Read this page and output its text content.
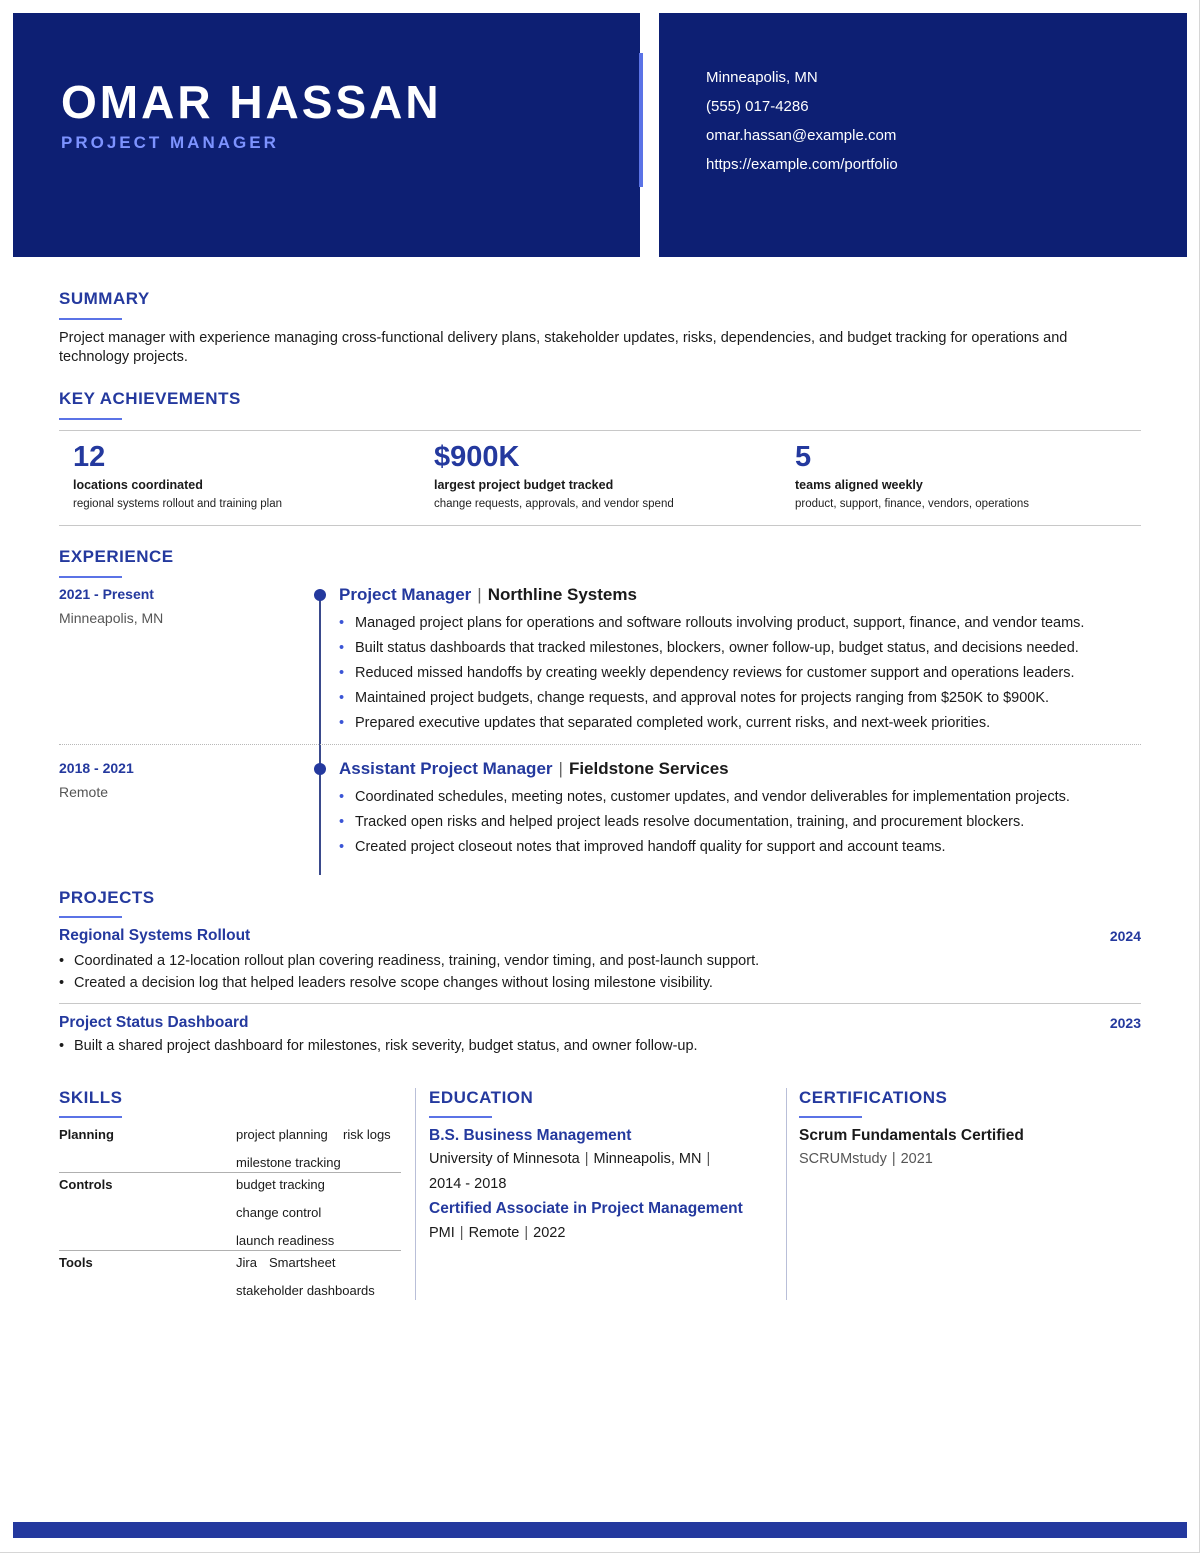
OMAR HASSAN
PROJECT MANAGER
Minneapolis, MN
(555) 017-4286
omar.hassan@example.com
https://example.com/portfolio
SUMMARY
Project manager with experience managing cross-functional delivery plans, stakeholder updates, risks, dependencies, and budget tracking for operations and technology projects.
KEY ACHIEVEMENTS
12
locations coordinated
regional systems rollout and training plan
$900K
largest project budget tracked
change requests, approvals, and vendor spend
5
teams aligned weekly
product, support, finance, vendors, operations
EXPERIENCE
2021 - Present
Minneapolis, MN
Project Manager | Northline Systems
• Managed project plans for operations and software rollouts involving product, support, finance, and vendor teams.
• Built status dashboards that tracked milestones, blockers, owner follow-up, budget status, and decisions needed.
• Reduced missed handoffs by creating weekly dependency reviews for customer support and operations leaders.
• Maintained project budgets, change requests, and approval notes for projects ranging from $250K to $900K.
• Prepared executive updates that separated completed work, current risks, and next-week priorities.
2018 - 2021
Remote
Assistant Project Manager | Fieldstone Services
• Coordinated schedules, meeting notes, customer updates, and vendor deliverables for implementation projects.
• Tracked open risks and helped project leads resolve documentation, training, and procurement blockers.
• Created project closeout notes that improved handoff quality for support and account teams.
PROJECTS
Regional Systems Rollout	2024
• Coordinated a 12-location rollout plan covering readiness, training, vendor timing, and post-launch support.
• Created a decision log that helped leaders resolve scope changes without losing milestone visibility.
Project Status Dashboard	2023
• Built a shared project dashboard for milestones, risk severity, budget status, and owner follow-up.
SKILLS
Planning	project planning risk logs
milestone tracking
Controls	budget tracking
change control
launch readiness
Tools	Jira Smartsheet
stakeholder dashboards
EDUCATION
B.S. Business Management
University of Minnesota | Minneapolis, MN |
2014 - 2018
Certified Associate in Project Management
PMI | Remote | 2022
CERTIFICATIONS
Scrum Fundamentals Certified
SCRUMstudy | 2021
